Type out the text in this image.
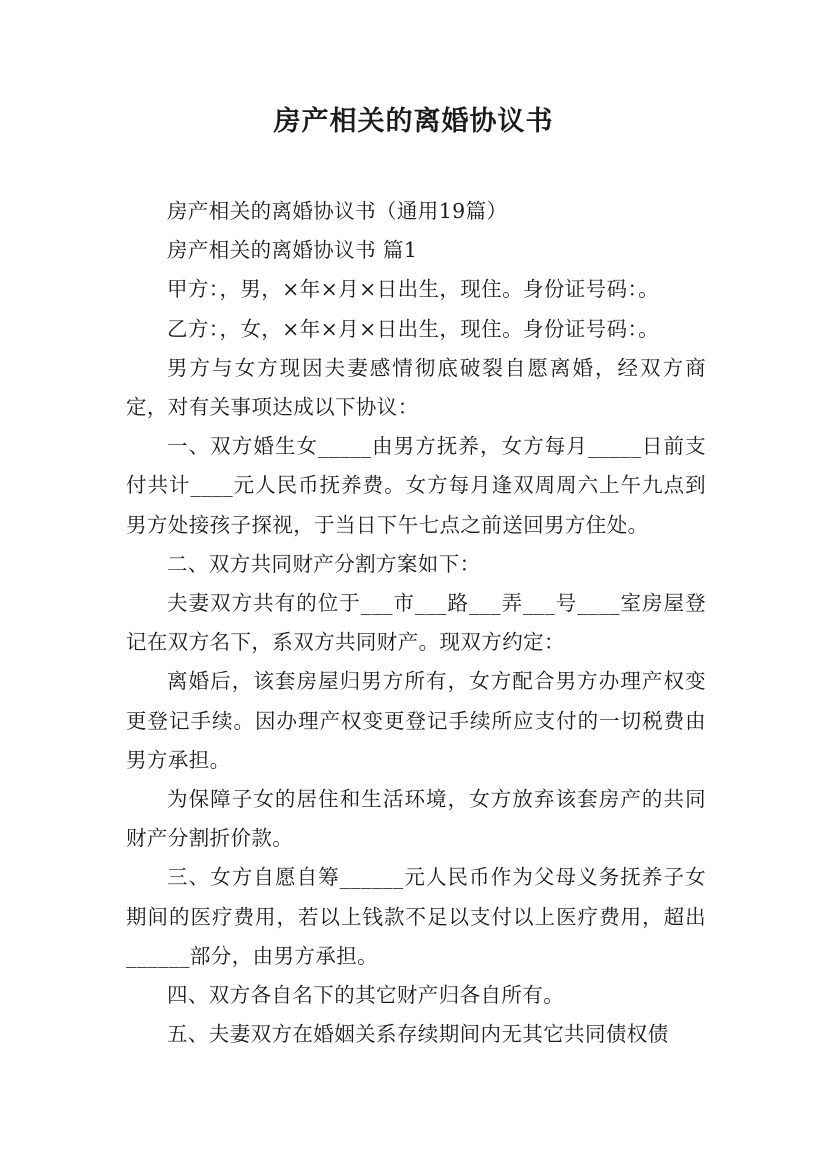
房产相关的离婚协议书

房产相关的离婚协议书（通用19篇）

房产相关的离婚协议书 篇1

甲方：，男，×年×月×日出生，现住。身份证号码：。

乙方：，女，×年×月×日出生，现住。身份证号码：。

男方与女方现因夫妻感情彻底破裂自愿离婚，经双方商定，对有关事项达成以下协议：

一、双方婚生女_____由男方抚养，女方每月_____日前支付共计____元人民币抚养费。女方每月逢双周周六上午九点到男方处接孩子探视，于当日下午七点之前送回男方住处。

二、双方共同财产分割方案如下：

夫妻双方共有的位于___市___路___弄___号____室房屋登记在双方名下，系双方共同财产。现双方约定：

离婚后，该套房屋归男方所有，女方配合男方办理产权变更登记手续。因办理产权变更登记手续所应支付的一切税费由男方承担。

为保障子女的居住和生活环境，女方放弃该套房产的共同财产分割折价款。

三、女方自愿自筹______元人民币作为父母义务抚养子女期间的医疗费用，若以上钱款不足以支付以上医疗费用，超出______部分，由男方承担。

四、双方各自名下的其它财产归各自所有。

五、夫妻双方在婚姻关系存续期间内无其它共同债权债
